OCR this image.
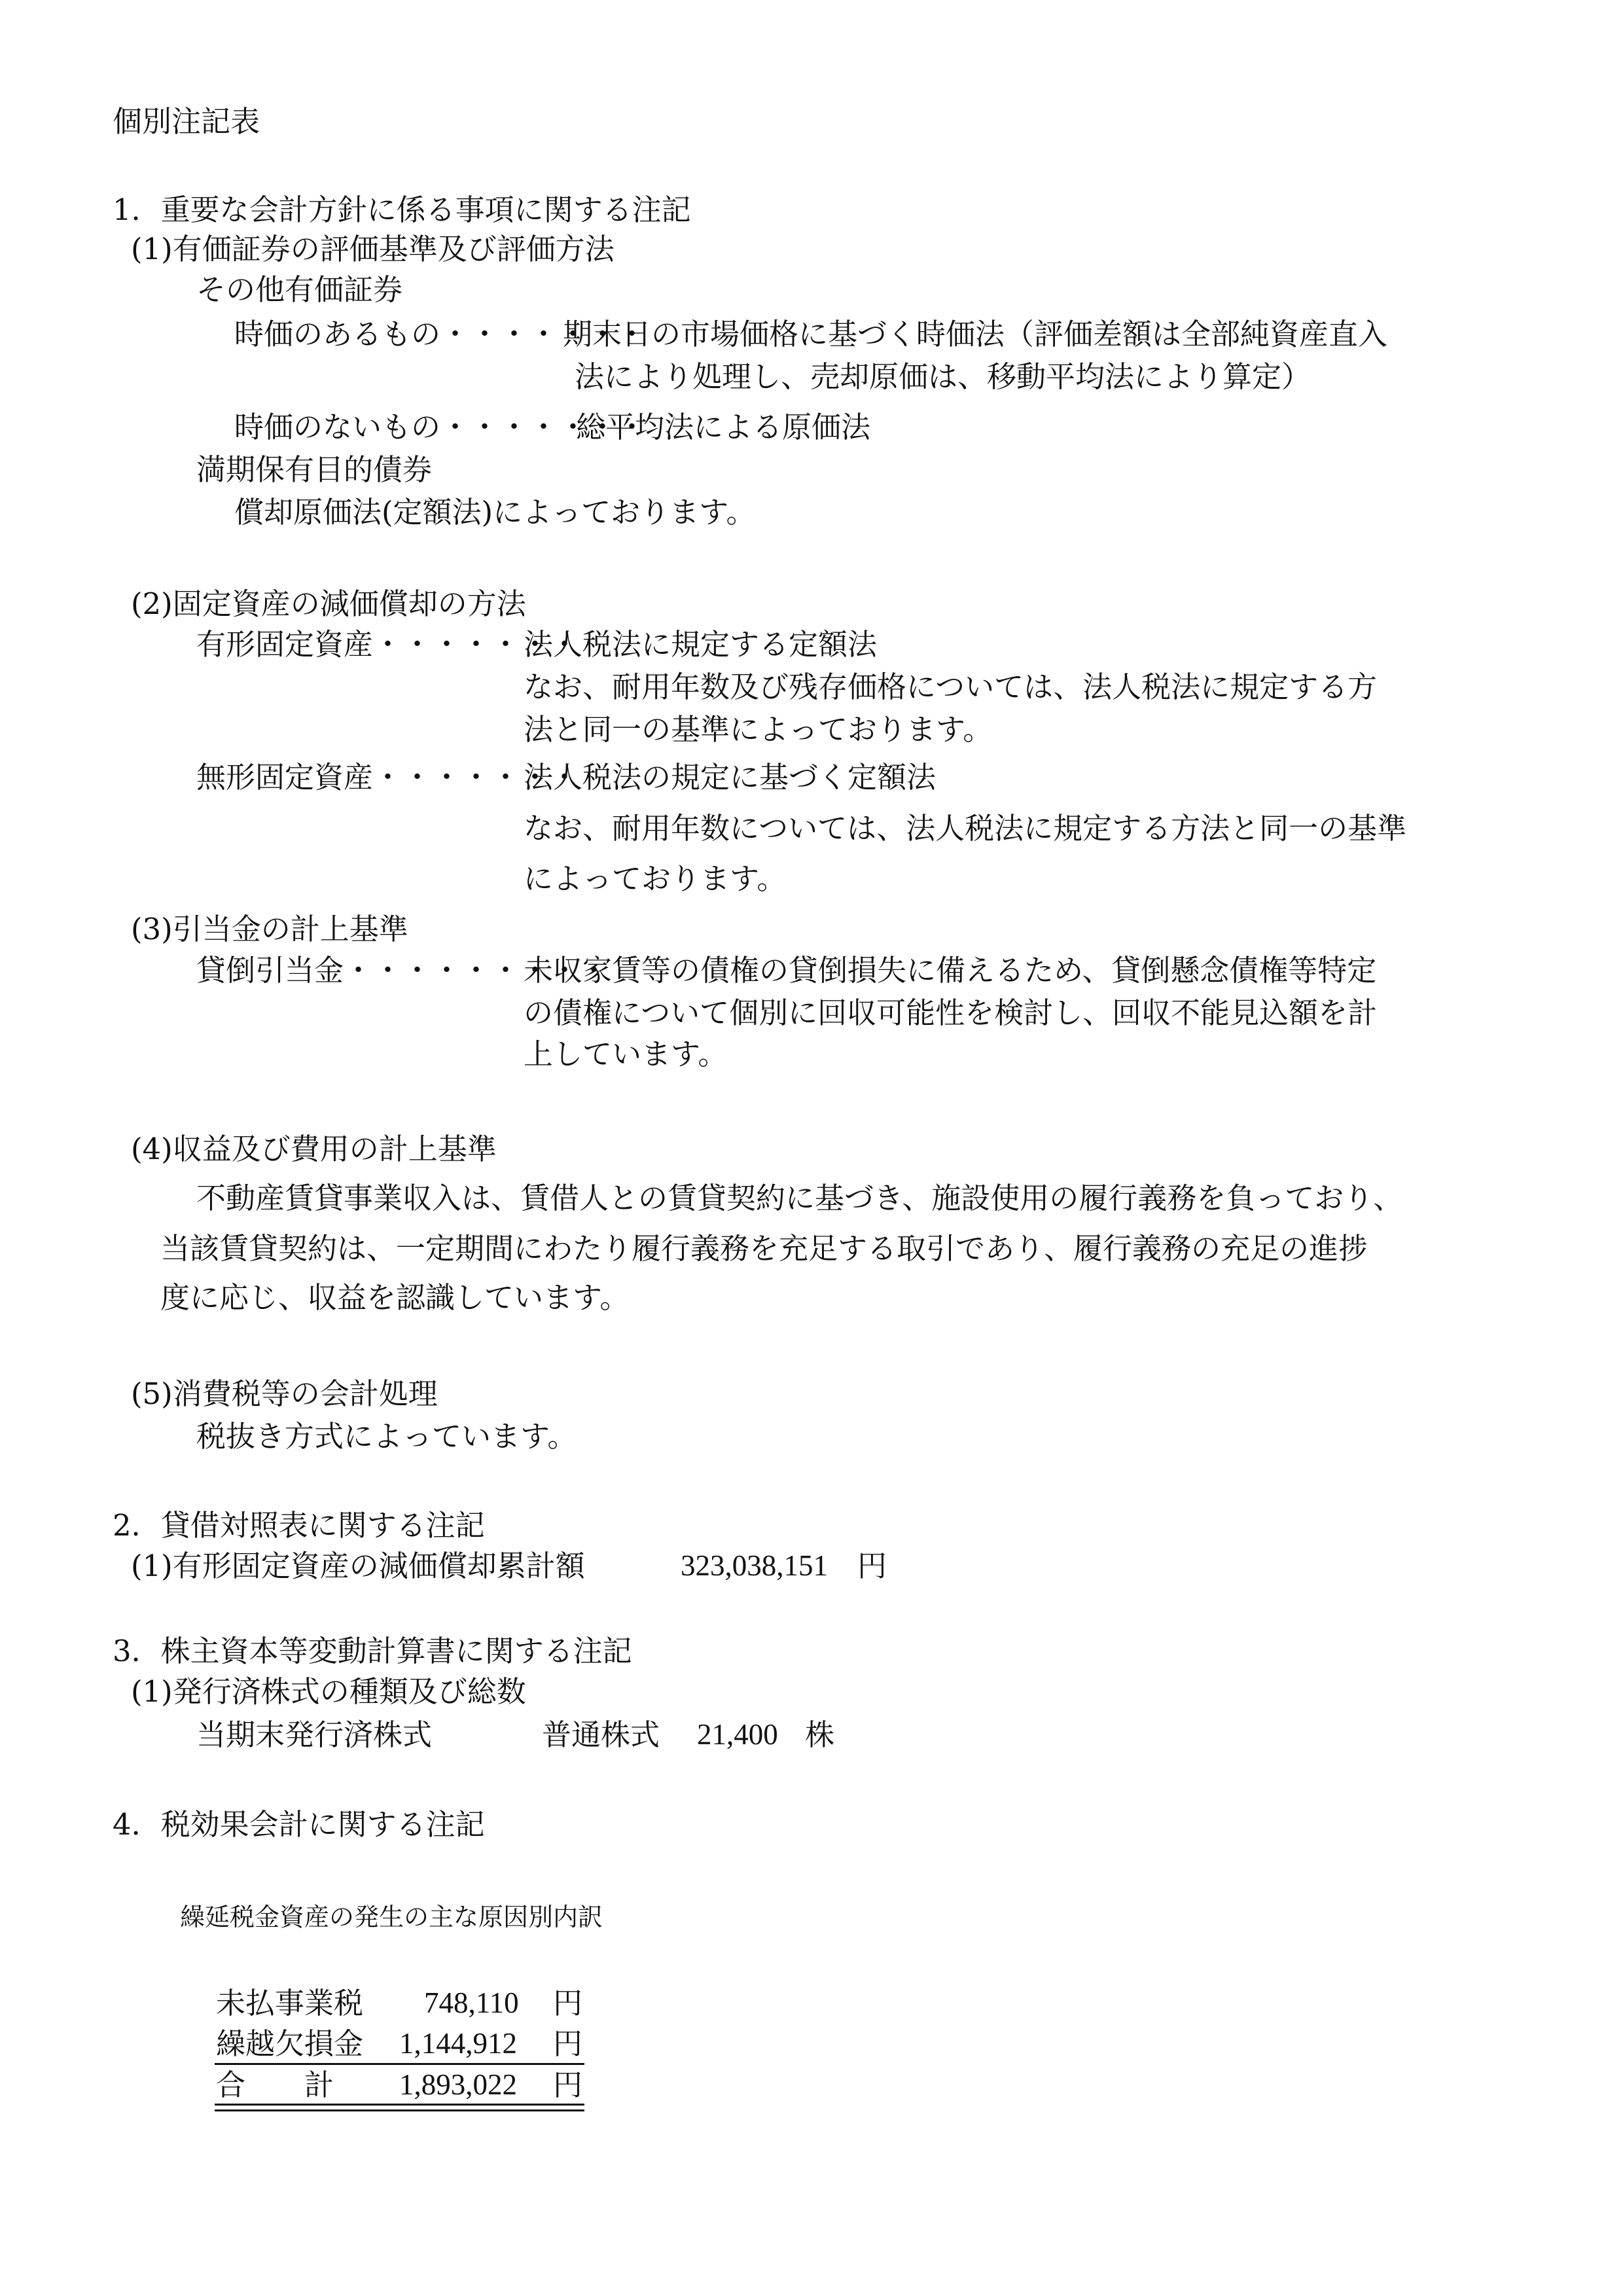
個別注記表
1．重要な会計方針に係る事項に関する注記
(1)有価証券の評価基準及び評価方法
その他有価証券
時価のあるもの・・・・・・・
期末日の市場価格に基づく時価法（評価差額は全部純資産直入
法により処理し、売却原価は、移動平均法により算定）
時価のないもの・・・・・・・
総平均法による原価法
満期保有目的債券
償却原価法(定額法)によっております。
(2)固定資産の減価償却の方法
有形固定資産・・・・・・・
法人税法に規定する定額法
なお、耐用年数及び残存価格については、法人税法に規定する方
法と同一の基準によっております。
無形固定資産・・・・・・・
法人税法の規定に基づく定額法
なお、耐用年数については、法人税法に規定する方法と同一の基準
によっております。
(3)引当金の計上基準
貸倒引当金・・・・・・・・・
未収家賃等の債権の貸倒損失に備えるため、貸倒懸念債権等特定
の債権について個別に回収可能性を検討し、回収不能見込額を計
上しています。
(4)収益及び費用の計上基準
不動産賃貸事業収入は、賃借人との賃貸契約に基づき、施設使用の履行義務を負っており、
当該賃貸契約は、一定期間にわたり履行義務を充足する取引であり、履行義務の充足の進捗
度に応じ、収益を認識しています。
(5)消費税等の会計処理
税抜き方式によっています。
2．貸借対照表に関する注記
(1)有形固定資産の減価償却累計額	323,038,151 円
3．株主資本等変動計算書に関する注記
(1)発行済株式の種類及び総数
当期末発行済株式	普通株式 21,400 株
4．税効果会計に関する注記
繰延税金資産の発生の主な原因別内訳
未払事業税 748,110 円
繰越欠損金 1,144,912 円
合　　計 1,893,022 円
